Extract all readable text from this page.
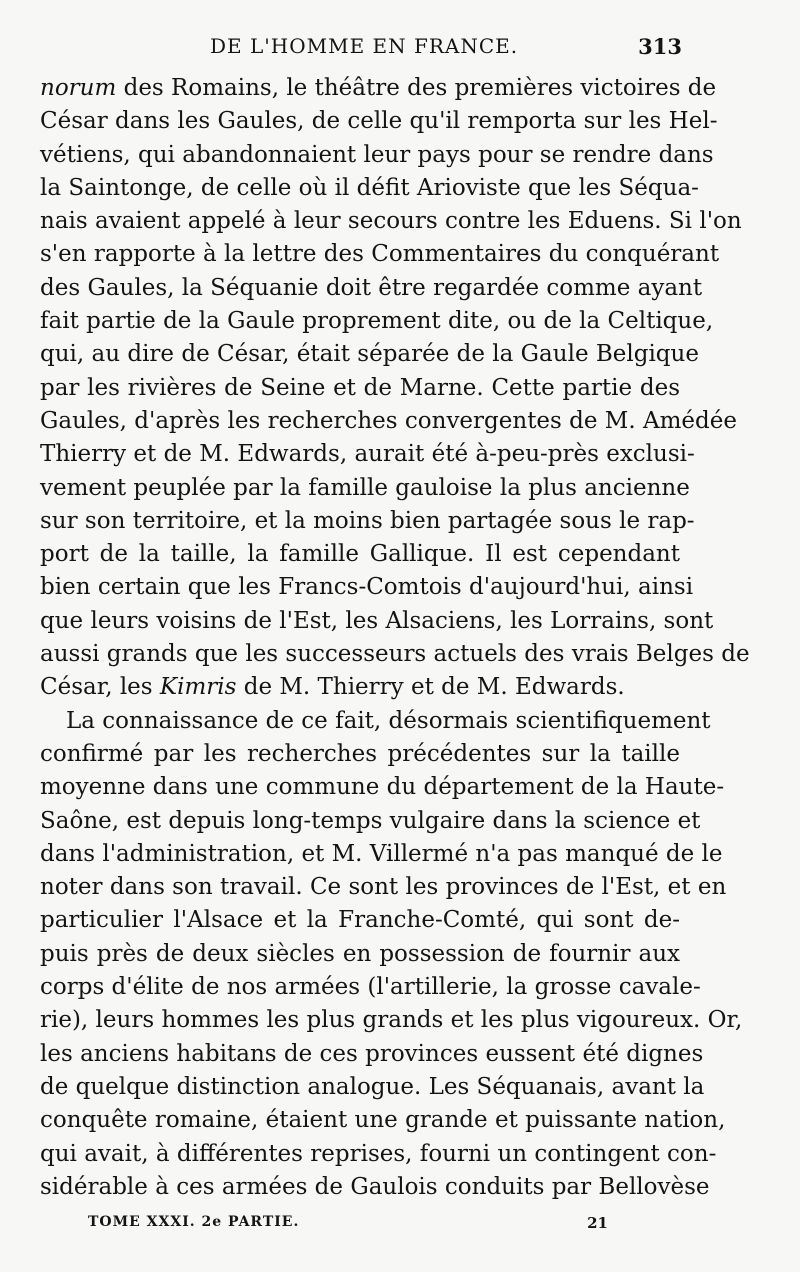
DE L'HOMME EN FRANCE.	313
norum des Romains, le théâtre des premières victoires de
César dans les Gaules, de celle qu'il remporta sur les Hel-
vétiens, qui abandonnaient leur pays pour se rendre dans
la Saintonge, de celle où il défit Arioviste que les Séqua-
nais avaient appelé à leur secours contre les Eduens. Si l'on
s'en rapporte à la lettre des Commentaires du conquérant
des Gaules, la Séquanie doit être regardée comme ayant
fait partie de la Gaule proprement dite, ou de la Celtique,
qui, au dire de César, était séparée de la Gaule Belgique
par les rivières de Seine et de Marne. Cette partie des
Gaules, d'après les recherches convergentes de M. Amédée
Thierry et de M. Edwards, aurait été à-peu-près exclusi-
vement peuplée par la famille gauloise la plus ancienne
sur son territoire, et la moins bien partagée sous le rap-
port de la taille, la famille Gallique. Il est cependant
bien certain que les Francs-Comtois d'aujourd'hui, ainsi
que leurs voisins de l'Est, les Alsaciens, les Lorrains, sont
aussi grands que les successeurs actuels des vrais Belges de
César, les Kimris de M. Thierry et de M. Edwards.
La connaissance de ce fait, désormais scientifiquement
confirmé par les recherches précédentes sur la taille
moyenne dans une commune du département de la Haute-
Saône, est depuis long-temps vulgaire dans la science et
dans l'administration, et M. Villermé n'a pas manqué de le
noter dans son travail. Ce sont les provinces de l'Est, et en
particulier l'Alsace et la Franche-Comté, qui sont de-
puis près de deux siècles en possession de fournir aux
corps d'élite de nos armées (l'artillerie, la grosse cavale-
rie), leurs hommes les plus grands et les plus vigoureux. Or,
les anciens habitans de ces provinces eussent été dignes
de quelque distinction analogue. Les Séquanais, avant la
conquête romaine, étaient une grande et puissante nation,
qui avait, à différentes reprises, fourni un contingent con-
sidérable à ces armées de Gaulois conduits par Bellovèse
TOME XXXI. 2e PARTIE.	21
